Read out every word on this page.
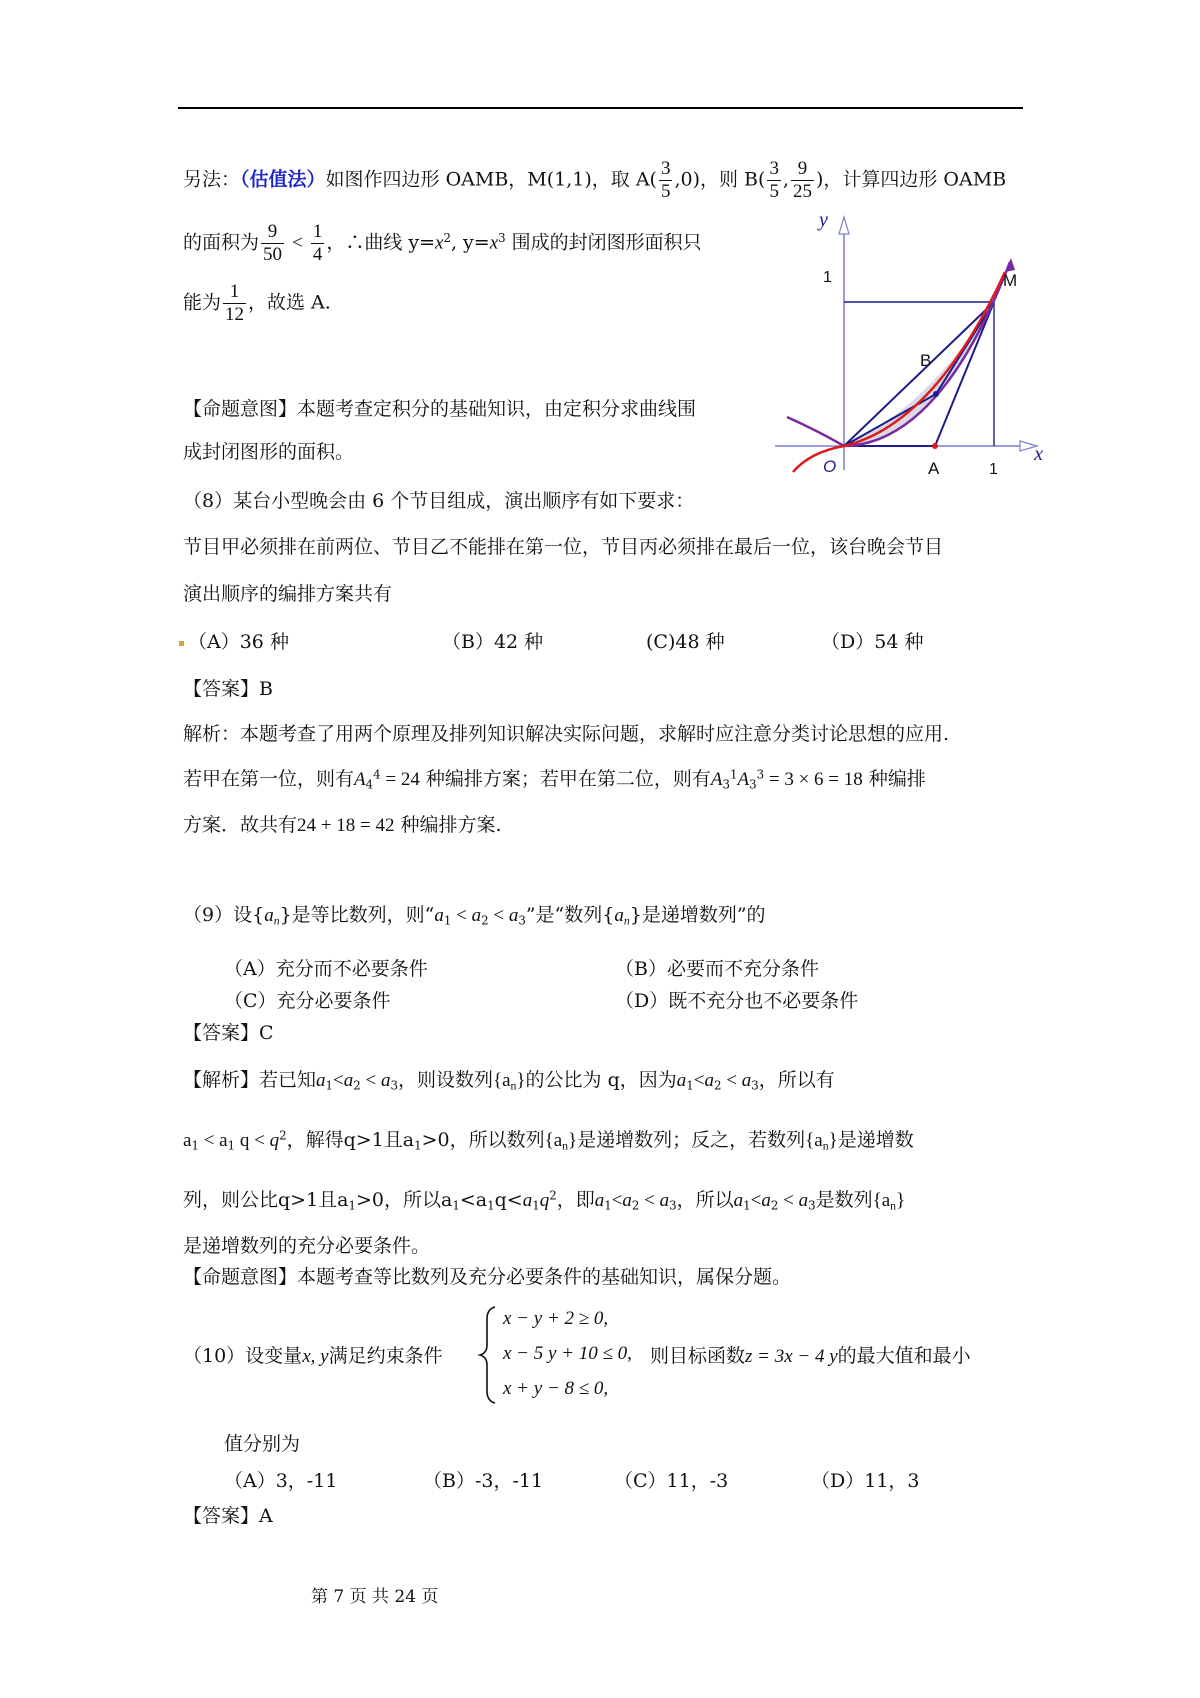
另法：（估值法）如图作四边形 OAMB，M(1,1)，取 $A( \frac{3}{5} ,0)$，则 $B( \frac{3}{5}$ , $\frac{9}{25}$ )，计算四边形 OAMB
的面积为 $\frac{9}{50} < \frac{1}{4}$ ，∴曲线 $y=x^2$, $y=x^3$ 围成的封闭图形面积只
能为 $\frac{1}{12}$ ，故选 A.
y
x
1	M
B
O	A	1
【命题意图】本题考查定积分的基础知识，由定积分求曲线围
成封闭图形的面积。
（8）某台小型晚会由 6 个节目组成，演出顺序有如下要求：
节目甲必须排在前两位、节目乙不能排在第一位，节目丙必须排在最后一位，该台晚会节目
演出顺序的编排方案共有
（A）36 种	（B）42 种	(C)48 种	（D）54 种
【答案】B
解析：本题考查了用两个原理及排列知识解决实际问题，求解时应注意分类讨论思想的应用.
若甲在第一位，则有$A_4^4 = 24$ 种编排方案；若甲在第二位，则有$A_3^1A_3^3 = 3 \times 6 = 18$ 种编排
方案．故共有24 + 18 = 42 种编排方案.
（9）设$\{a_n\}$是等比数列，则“$a_1 < a_2 < a_3$”是“数列$\{a_n\}$是递增数列”的
（A）充分而不必要条件	（B）必要而不充分条件
（C）充分必要条件	（D）既不充分也不必要条件
【答案】C
【解析】若已知$a_1<a_2 < a_3$，则设数列$\{a_n\}$的公比为 q，因为$a_1<a_2 < a_3$，所以有
$a_1 < a_1$ $q < q^2$，解得q>1且$a_1>0$，所以数列$\{a_n\}$是递增数列；反之，若数列$\{a_n\}$是递增数
列，则公比q>1且$a_1>0$，所以$a_1<a_1q<a_1q^2$，即$a_1<a_2 < a_3$，所以$a_1<a_2 < a_3$是数列$\{a_n\}$
是递增数列的充分必要条件。
【命题意图】本题考查等比数列及充分必要条件的基础知识，属保分题。
（10）设变量x, y满足约束条件
x − y + 2 ≥ 0,
x − 5 y + 10 ≤ 0,
x + y − 8 ≤ 0,
则目标函数z = 3x − 4 y的最大值和最小
值分别为
（A）3，-11	（B）-3，-11	（C）11，-3	（D）11，3
【答案】A
第 7 页 共 24 页
